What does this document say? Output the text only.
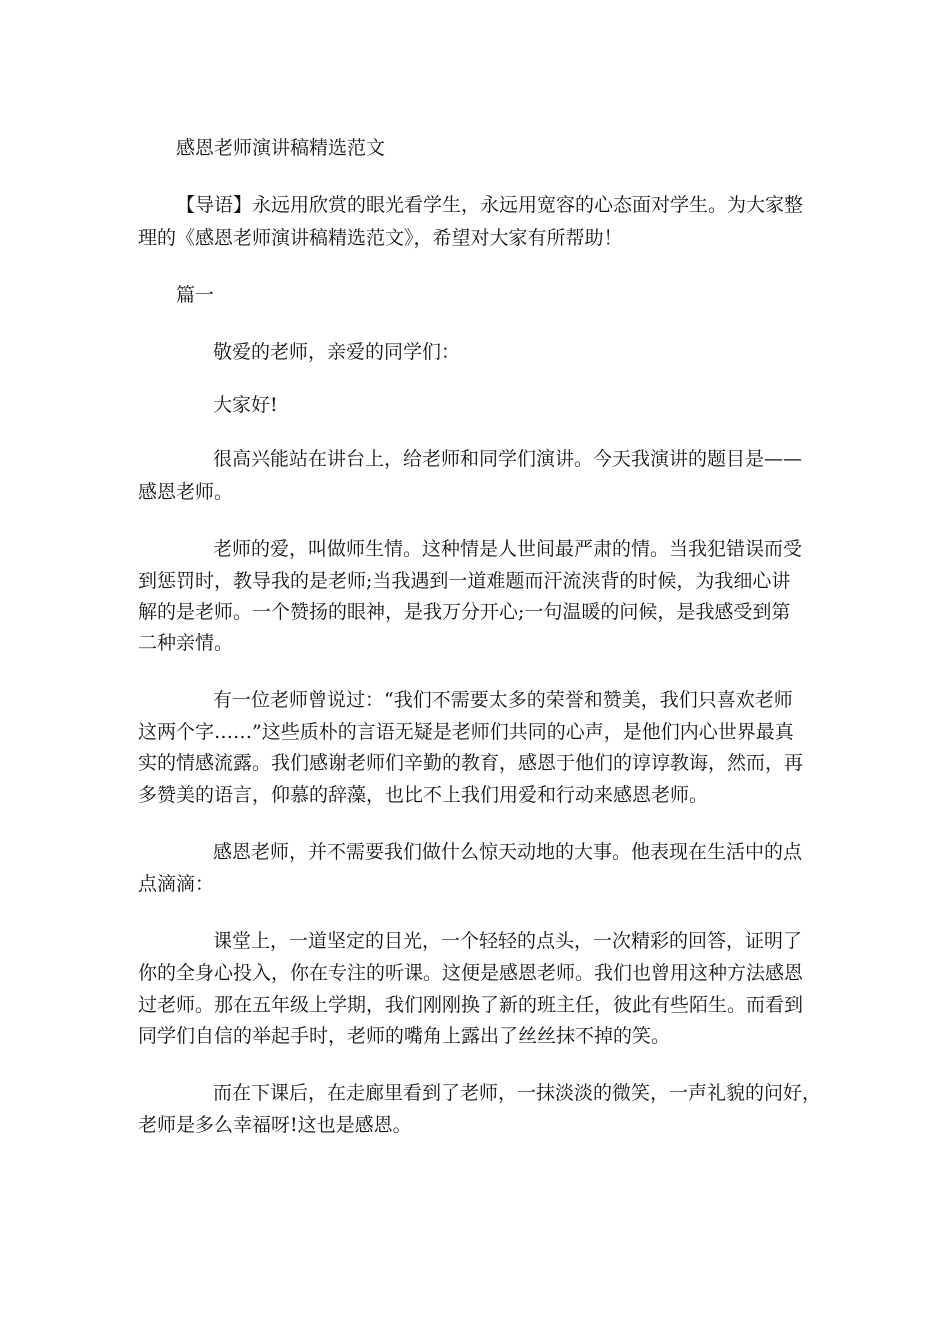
感恩老师演讲稿精选范文
【导语】永远用欣赏的眼光看学生，永远用宽容的心态面对学生。为大家整
理的《感恩老师演讲稿精选范文》，希望对大家有所帮助！
篇一
敬爱的老师，亲爱的同学们：
大家好!
很高兴能站在讲台上，给老师和同学们演讲。今天我演讲的题目是——
感恩老师。
老师的爱，叫做师生情。这种情是人世间最严肃的情。当我犯错误而受
到惩罚时，教导我的是老师;当我遇到一道难题而汗流浃背的时候，为我细心讲
解的是老师。一个赞扬的眼神，是我万分开心;一句温暖的问候，是我感受到第
二种亲情。
有一位老师曾说过：“我们不需要太多的荣誉和赞美，我们只喜欢老师
这两个字……”这些质朴的言语无疑是老师们共同的心声，是他们内心世界最真
实的情感流露。我们感谢老师们辛勤的教育，感恩于他们的谆谆教诲，然而，再
多赞美的语言，仰慕的辞藻，也比不上我们用爱和行动来感恩老师。
感恩老师，并不需要我们做什么惊天动地的大事。他表现在生活中的点
点滴滴：
课堂上，一道坚定的目光，一个轻轻的点头，一次精彩的回答，证明了
你的全身心投入，你在专注的听课。这便是感恩老师。我们也曾用这种方法感恩
过老师。那在五年级上学期，我们刚刚换了新的班主任，彼此有些陌生。而看到
同学们自信的举起手时，老师的嘴角上露出了丝丝抹不掉的笑。
而在下课后，在走廊里看到了老师，一抹淡淡的微笑，一声礼貌的问好，
老师是多么幸福呀!这也是感恩。
